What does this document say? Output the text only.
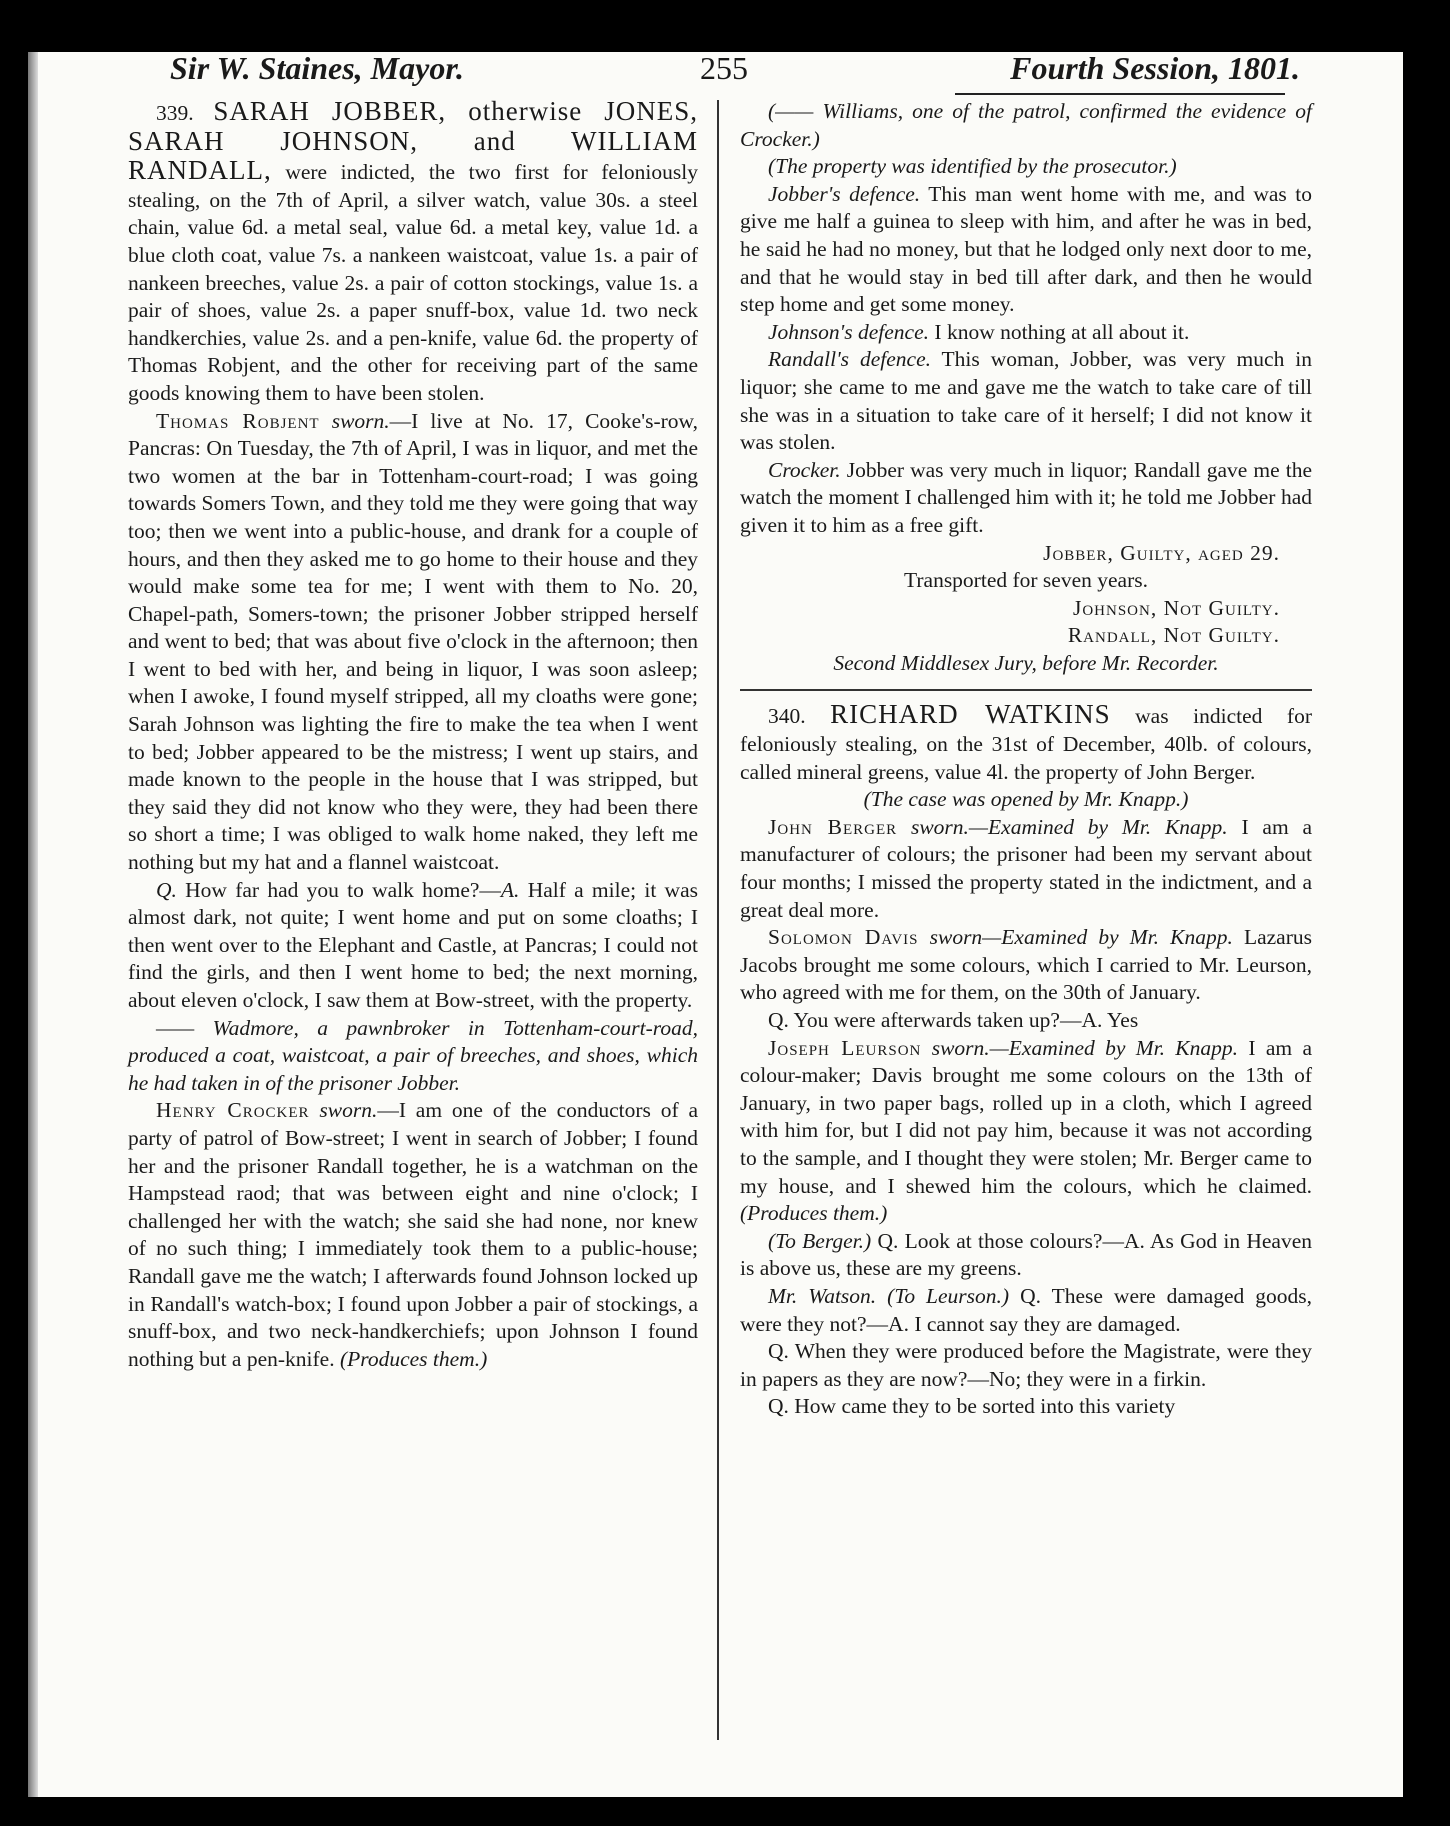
Sir W. Staines, Mayor.	255	Fourth Session, 1801.

339. SARAH JOBBER, otherwise JONES, SARAH JOHNSON, and WILLIAM RANDALL, were indicted, the two first for feloniously stealing, on the 7th of April, a silver watch, value 30s. a steel chain, value 6d. a metal seal, value 6d. a metal key, value 1d. a blue cloth coat, value 7s. a nankeen waistcoat, value 1s. a pair of nankeen breeches, value 2s. a pair of cotton stockings, value 1s. a pair of shoes, value 2s. a paper snuff-box, value 1d. two neck handkerchies, value 2s. and a pen-knife, value 6d. the property of Thomas Robjent, and the other for receiving part of the same goods knowing them to have been stolen.

Thomas Robjent sworn.—I live at No. 17, Cooke's-row, Pancras: On Tuesday, the 7th of April, I was in liquor, and met the two women at the bar in Tottenham-court-road; I was going towards Somers Town, and they told me they were going that way too; then we went into a public-house, and drank for a couple of hours, and then they asked me to go home to their house and they would make some tea for me; I went with them to No. 20, Chapel-path, Somers-town; the prisoner Jobber stripped herself and went to bed; that was about five o'clock in the afternoon; then I went to bed with her, and being in liquor, I was soon asleep; when I awoke, I found myself stripped, all my cloaths were gone; Sarah Johnson was lighting the fire to make the tea when I went to bed; Jobber appeared to be the mistress; I went up stairs, and made known to the people in the house that I was stripped, but they said they did not know who they were, they had been there so short a time; I was obliged to walk home naked, they left me nothing but my hat and a flannel waistcoat.

Q. How far had you to walk home?—A. Half a mile; it was almost dark, not quite; I went home and put on some cloaths; I then went over to the Elephant and Castle, at Pancras; I could not find the girls, and then I went home to bed; the next morning, about eleven o'clock, I saw them at Bow-street, with the property.

—— Wadmore, a pawnbroker in Tottenham-court-road, produced a coat, waistcoat, a pair of breeches, and shoes, which he had taken in of the prisoner Jobber.

Henry Crocker sworn.—I am one of the conductors of a party of patrol of Bow-street; I went in search of Jobber; I found her and the prisoner Randall together, he is a watchman on the Hampstead raod; that was between eight and nine o'clock; I challenged her with the watch; she said she had none, nor knew of no such thing; I immediately took them to a public-house; Randall gave me the watch; I afterwards found Johnson locked up in Randall's watch-box; I found upon Jobber a pair of stockings, a snuff-box, and two neck-handkerchiefs; upon Johnson I found nothing but a pen-knife. (Produces them.)

(—— Williams, one of the patrol, confirmed the evidence of Crocker.)

(The property was identified by the prosecutor.)

Jobber's defence. This man went home with me, and was to give me half a guinea to sleep with him, and after he was in bed, he said he had no money, but that he lodged only next door to me, and that he would stay in bed till after dark, and then he would step home and get some money.

Johnson's defence. I know nothing at all about it.

Randall's defence. This woman, Jobber, was very much in liquor; she came to me and gave me the watch to take care of till she was in a situation to take care of it herself; I did not know it was stolen.

Crocker. Jobber was very much in liquor; Randall gave me the watch the moment I challenged him with it; he told me Jobber had given it to him as a free gift.

Jobber, Guilty, aged 29.

Transported for seven years.

Johnson, Not Guilty.

Randall, Not Guilty.

Second Middlesex Jury, before Mr. Recorder.

340. RICHARD WATKINS was indicted for feloniously stealing, on the 31st of December, 40lb. of colours, called mineral greens, value 4l. the property of John Berger.

(The case was opened by Mr. Knapp.)

John Berger sworn.—Examined by Mr. Knapp. I am a manufacturer of colours; the prisoner had been my servant about four months; I missed the property stated in the indictment, and a great deal more.

Solomon Davis sworn—Examined by Mr. Knapp. Lazarus Jacobs brought me some colours, which I carried to Mr. Leurson, who agreed with me for them, on the 30th of January.

Q. You were afterwards taken up?—A. Yes

Joseph Leurson sworn.—Examined by Mr. Knapp. I am a colour-maker; Davis brought me some colours on the 13th of January, in two paper bags, rolled up in a cloth, which I agreed with him for, but I did not pay him, because it was not according to the sample, and I thought they were stolen; Mr. Berger came to my house, and I shewed him the colours, which he claimed. (Produces them.)

(To Berger.) Q. Look at those colours?—A. As God in Heaven is above us, these are my greens.

Mr. Watson. (To Leurson.) Q. These were damaged goods, were they not?—A. I cannot say they are damaged.

Q. When they were produced before the Magistrate, were they in papers as they are now?—No; they were in a firkin.

Q. How came they to be sorted into this variety
